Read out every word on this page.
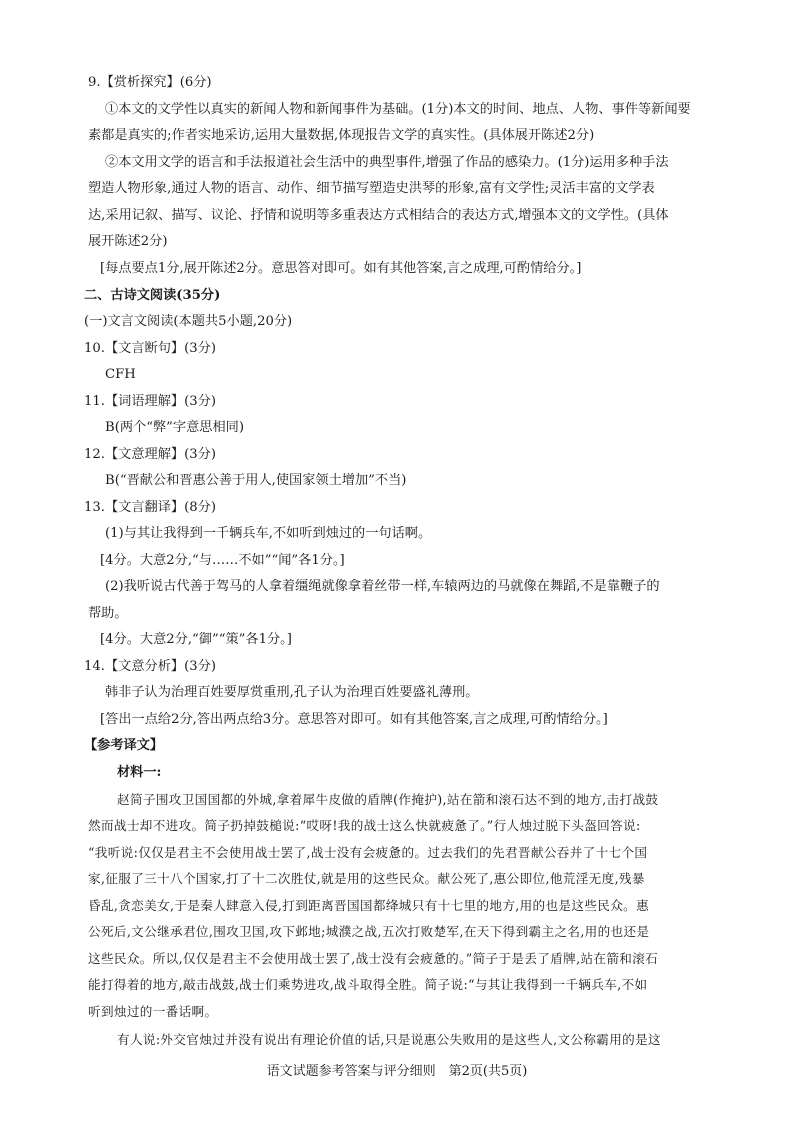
9.【赏析探究】(6分)
①本文的文学性以真实的新闻人物和新闻事件为基础。(1分)本文的时间、地点、人物、事件等新闻要
素都是真实的;作者实地采访,运用大量数据,体现报告文学的真实性。(具体展开陈述2分)
②本文用文学的语言和手法报道社会生活中的典型事件,增强了作品的感染力。(1分)运用多种手法
塑造人物形象,通过人物的语言、动作、细节描写塑造史洪琴的形象,富有文学性;灵活丰富的文学表
达,采用记叙、描写、议论、抒情和说明等多重表达方式相结合的表达方式,增强本文的文学性。(具体
展开陈述2分)
[每点要点1分,展开陈述2分。意思答对即可。如有其他答案,言之成理,可酌情给分。]
二、古诗文阅读(35分)
(一)文言文阅读(本题共5小题,20分)
10.【文言断句】(3分)
CFH
11.【词语理解】(3分)
B(两个“弊”字意思相同)
12.【文意理解】(3分)
B(“晋献公和晋惠公善于用人,使国家领土增加”不当)
13.【文言翻译】(8分)
(1)与其让我得到一千辆兵车,不如听到烛过的一句话啊。
[4分。大意2分,“与……不如”“闻”各1分。]
(2)我听说古代善于驾马的人拿着缰绳就像拿着丝带一样,车辕两边的马就像在舞蹈,不是靠鞭子的
帮助。
[4分。大意2分,“御”“策”各1分。]
14.【文意分析】(3分)
韩非子认为治理百姓要厚赏重刑,孔子认为治理百姓要盛礼薄刑。
[答出一点给2分,答出两点给3分。意思答对即可。如有其他答案,言之成理,可酌情给分。]
【参考译文】
材料一:
赵简子围攻卫国国都的外城,拿着犀牛皮做的盾牌(作掩护),站在箭和滚石达不到的地方,击打战鼓
然而战士却不进攻。简子扔掉鼓槌说:“哎呀!我的战士这么快就疲惫了。”行人烛过脱下头盔回答说:
“我听说:仅仅是君主不会使用战士罢了,战士没有会疲惫的。过去我们的先君晋献公吞并了十七个国
家,征服了三十八个国家,打了十二次胜仗,就是用的这些民众。献公死了,惠公即位,他荒淫无度,残暴
昏乱,贪恋美女,于是秦人肆意入侵,打到距离晋国国都绛城只有十七里的地方,用的也是这些民众。惠
公死后,文公继承君位,围攻卫国,攻下邺地;城濮之战,五次打败楚军,在天下得到霸主之名,用的也还是
这些民众。所以,仅仅是君主不会使用战士罢了,战士没有会疲惫的。”简子于是丢了盾牌,站在箭和滚石
能打得着的地方,敲击战鼓,战士们乘势进攻,战斗取得全胜。简子说:“与其让我得到一千辆兵车,不如
听到烛过的一番话啊。
有人说:外交官烛过并没有说出有理论价值的话,只是说惠公失败用的是这些人,文公称霸用的是这
语文试题参考答案与评分细则　第2页(共5页)
